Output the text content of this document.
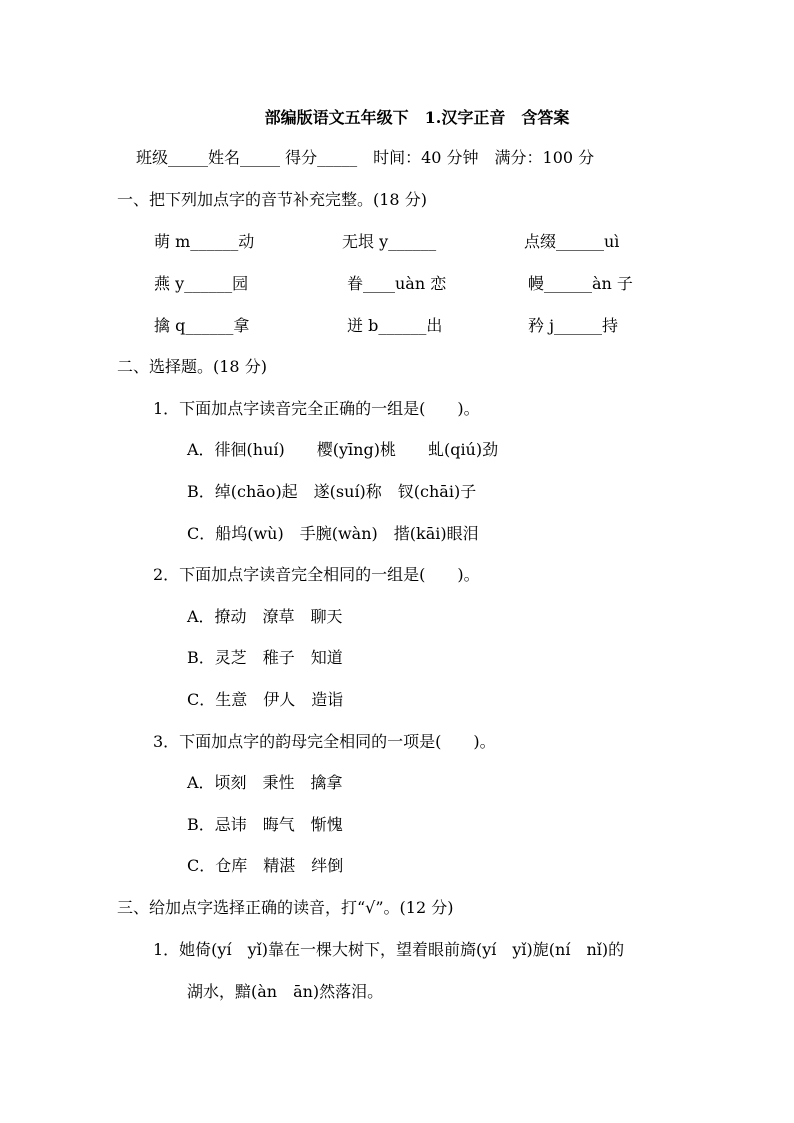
部编版语文五年级下　1.汉字正音　含答案
班级_____姓名_____ 得分_____　时间：40 分钟　满分：100 分
一、把下列加点字的音节补充完整。(18 分)
萌 m______动	无垠 y______	点缀______uì
燕 y______园	眷____uàn 恋	幔______àn 子
擒 q______拿	迸 b______出	矜 j______持
二、选择题。(18 分)
1．下面加点字读音完全正确的一组是(　　)。
A．徘徊(huí)　　樱(yīng)桃　　虬(qiú)劲
B．绰(chāo)起　遂(suí)称　钗(chāi)子
C．船坞(wù)　手腕(wàn)　揩(kāi)眼泪
2．下面加点字读音完全相同的一组是(　　)。
A．撩动　潦草　聊天
B．灵芝　稚子　知道
C．生意　伊人　造诣
3．下面加点字的韵母完全相同的一项是(　　)。
A．顷刻　秉性　擒拿
B．忌讳　晦气　惭愧
C．仓库　精湛　绊倒
三、给加点字选择正确的读音，打“√”。(12 分)
1．她倚(yí　yǐ)靠在一棵大树下，望着眼前旖(yí　yǐ)旎(ní　nǐ)的
湖水，黯(àn　ān)然落泪。
